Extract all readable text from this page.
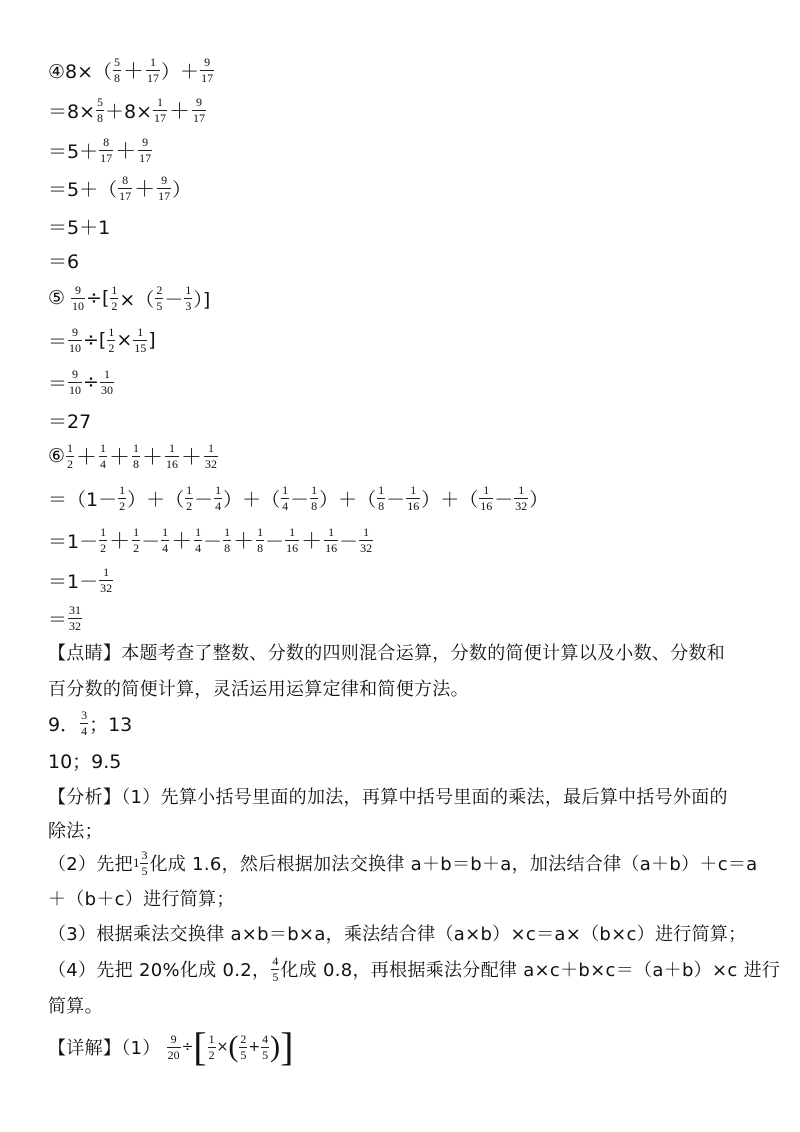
④8×（ $\frac{5}{8} + \frac{1}{17}$ ）＋ $\frac{9}{17}$
$=8\times \frac{5}{8} +8\times \frac{1}{17} + \frac{9}{17}$
$=5+ \frac{8}{17} + \frac{9}{17}$
$=5+( \frac{8}{17} + \frac{9}{17}$ ）
＝5＋1
＝6
⑤ $\frac{9}{10}$ ÷[ $\frac{1}{2}$ ×（ $\frac{2}{5} - \frac{1}{3}$ ）]
＝ $\frac{9}{10}$ ÷[ $\frac{1}{2} \times \frac{1}{15}$ ]
＝ $\frac{9}{10} \div \frac{1}{30}$
＝27
⑥ $\frac{1}{2} + \frac{1}{4} + \frac{1}{8} + \frac{1}{16} + \frac{1}{32}$
$=(1- \frac{1}{2}$ ）＋（ $\frac{1}{2} - \frac{1}{4}$ ）＋（ $\frac{1}{4} - \frac{1}{8}$ ）＋（ $\frac{1}{8} - \frac{1}{16}$ ）＋（ $\frac{1}{16} - \frac{1}{32}$ ）
$=1- \frac{1}{2} + \frac{1}{2} - \frac{1}{4} + \frac{1}{4} - \frac{1}{8} + \frac{1}{8} - \frac{1}{16} + \frac{1}{16} - \frac{1}{32}$
$=1- \frac{1}{32}$
＝ $\frac{31}{32}$
【点睛】本题考查了整数、分数的四则混合运算，分数的简便计算以及小数、分数和
百分数的简便计算，灵活运用运算定律和简便方法。
9． $\frac{3}{4}$ ；13
10；9.5
【分析】（1）先算小括号里面的加法，再算中括号里面的乘法，最后算中括号外面的
除法；
（2）先把 $1 \frac{3}{5}$ 化成 1.6，然后根据加法交换律 a＋b＝b＋a，加法结合律（a＋b）＋c＝a
＋（b＋c）进行简算；
（3）根据乘法交换律 a×b＝b×a，乘法结合律（a×b）×c＝a×（b×c）进行简算；
（4）先把 20%化成 0.2， $\frac{4}{5}$ 化成 0.8，再根据乘法分配律 a×c＋b×c＝（a＋b）×c 进行
简算。
【详解】$(1) \frac{9}{20}$ ÷ [ $\frac{1}{2}$ × ( $\frac{2}{5} + \frac{4}{5}$ ) ]
